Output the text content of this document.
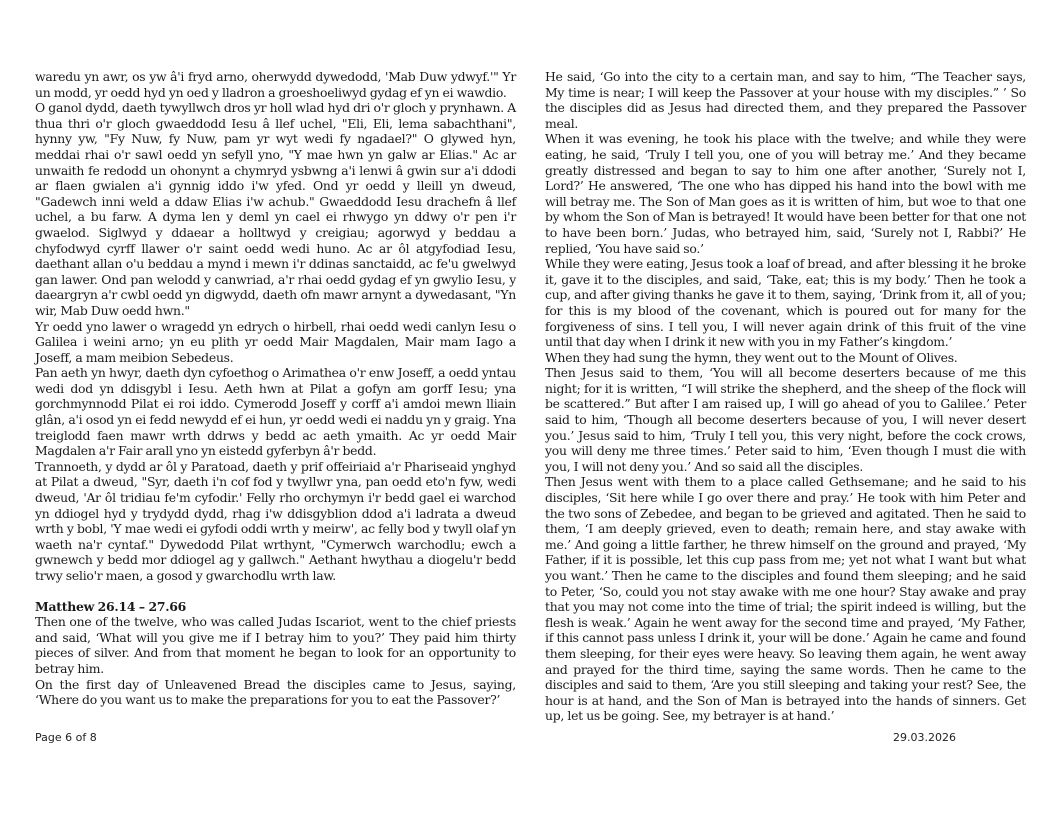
waredu yn awr, os yw â'i fryd arno, oherwydd dywedodd, 'Mab Duw ydwyf.'" Yr un modd, yr oedd hyd yn oed y lladron a groeshoeliwyd gydag ef yn ei wawdio.

O ganol dydd, daeth tywyllwch dros yr holl wlad hyd dri o'r gloch y prynhawn. A thua thri o'r gloch gwaeddodd Iesu â llef uchel, "Eli, Eli, lema sabachthani", hynny yw, "Fy Nuw, fy Nuw, pam yr wyt wedi fy ngadael?" O glywed hyn, meddai rhai o'r sawl oedd yn sefyll yno, "Y mae hwn yn galw ar Elias." Ac ar unwaith fe redodd un ohonynt a chymryd ysbwng a'i lenwi â gwin sur a'i ddodi ar flaen gwialen a'i gynnig iddo i'w yfed. Ond yr oedd y lleill yn dweud, "Gadewch inni weld a ddaw Elias i'w achub." Gwaeddodd Iesu drachefn â llef uchel, a bu farw. A dyma len y deml yn cael ei rhwygo yn ddwy o'r pen i'r gwaelod. Siglwyd y ddaear a holltwyd y creigiau; agorwyd y beddau a chyfodwyd cyrff llawer o'r saint oedd wedi huno. Ac ar ôl atgyfodiad Iesu, daethant allan o'u beddau a mynd i mewn i'r ddinas sanctaidd, ac fe'u gwelwyd gan lawer. Ond pan welodd y canwriad, a'r rhai oedd gydag ef yn gwylio Iesu, y daeargryn a'r cwbl oedd yn digwydd, daeth ofn mawr arnynt a dywedasant, "Yn wir, Mab Duw oedd hwn."

Yr oedd yno lawer o wragedd yn edrych o hirbell, rhai oedd wedi canlyn Iesu o Galilea i weini arno; yn eu plith yr oedd Mair Magdalen, Mair mam Iago a Joseff, a mam meibion Sebedeus.

Pan aeth yn hwyr, daeth dyn cyfoethog o Arimathea o'r enw Joseff, a oedd yntau wedi dod yn ddisgybl i Iesu. Aeth hwn at Pilat a gofyn am gorff Iesu; yna gorchmynnodd Pilat ei roi iddo. Cymerodd Joseff y corff a'i amdoi mewn lliain glân, a'i osod yn ei fedd newydd ef ei hun, yr oedd wedi ei naddu yn y graig. Yna treiglodd faen mawr wrth ddrws y bedd ac aeth ymaith. Ac yr oedd Mair Magdalen a'r Fair arall yno yn eistedd gyferbyn â'r bedd.

Trannoeth, y dydd ar ôl y Paratoad, daeth y prif offeiriaid a'r Phariseaid ynghyd at Pilat a dweud, "Syr, daeth i'n cof fod y twyllwr yna, pan oedd eto'n fyw, wedi dweud, 'Ar ôl tridiau fe'm cyfodir.' Felly rho orchymyn i'r bedd gael ei warchod yn ddiogel hyd y trydydd dydd, rhag i'w ddisgyblion ddod a'i ladrata a dweud wrth y bobl, 'Y mae wedi ei gyfodi oddi wrth y meirw', ac felly bod y twyll olaf yn waeth na'r cyntaf." Dywedodd Pilat wrthynt, "Cymerwch warchodlu; ewch a gwnewch y bedd mor ddiogel ag y gallwch." Aethant hwythau a diogelu'r bedd trwy selio'r maen, a gosod y gwarchodlu wrth law.

Matthew 26.14 – 27.66

Then one of the twelve, who was called Judas Iscariot, went to the chief priests and said, ‘What will you give me if I betray him to you?’ They paid him thirty pieces of silver. And from that moment he began to look for an opportunity to betray him.

On the first day of Unleavened Bread the disciples came to Jesus, saying, ‘Where do you want us to make the preparations for you to eat the Passover?’

He said, ‘Go into the city to a certain man, and say to him, “The Teacher says, My time is near; I will keep the Passover at your house with my disciples.” ’ So the disciples did as Jesus had directed them, and they prepared the Passover meal.

When it was evening, he took his place with the twelve; and while they were eating, he said, ‘Truly I tell you, one of you will betray me.’ And they became greatly distressed and began to say to him one after another, ‘Surely not I, Lord?’ He answered, ‘The one who has dipped his hand into the bowl with me will betray me. The Son of Man goes as it is written of him, but woe to that one by whom the Son of Man is betrayed! It would have been better for that one not to have been born.’ Judas, who betrayed him, said, ‘Surely not I, Rabbi?’ He replied, ‘You have said so.’

While they were eating, Jesus took a loaf of bread, and after blessing it he broke it, gave it to the disciples, and said, ‘Take, eat; this is my body.’ Then he took a cup, and after giving thanks he gave it to them, saying, ‘Drink from it, all of you; for this is my blood of the covenant, which is poured out for many for the forgiveness of sins. I tell you, I will never again drink of this fruit of the vine until that day when I drink it new with you in my Father’s kingdom.’

When they had sung the hymn, they went out to the Mount of Olives.

Then Jesus said to them, ‘You will all become deserters because of me this night; for it is written, “I will strike the shepherd, and the sheep of the flock will be scattered.” But after I am raised up, I will go ahead of you to Galilee.’ Peter said to him, ‘Though all become deserters because of you, I will never desert you.’ Jesus said to him, ‘Truly I tell you, this very night, before the cock crows, you will deny me three times.’ Peter said to him, ‘Even though I must die with you, I will not deny you.’ And so said all the disciples.

Then Jesus went with them to a place called Gethsemane; and he said to his disciples, ‘Sit here while I go over there and pray.’ He took with him Peter and the two sons of Zebedee, and began to be grieved and agitated. Then he said to them, ‘I am deeply grieved, even to death; remain here, and stay awake with me.’ And going a little farther, he threw himself on the ground and prayed, ‘My Father, if it is possible, let this cup pass from me; yet not what I want but what you want.’ Then he came to the disciples and found them sleeping; and he said to Peter, ‘So, could you not stay awake with me one hour? Stay awake and pray that you may not come into the time of trial; the spirit indeed is willing, but the flesh is weak.’ Again he went away for the second time and prayed, ‘My Father, if this cannot pass unless I drink it, your will be done.’ Again he came and found them sleeping, for their eyes were heavy. So leaving them again, he went away and prayed for the third time, saying the same words. Then he came to the disciples and said to them, ‘Are you still sleeping and taking your rest? See, the hour is at hand, and the Son of Man is betrayed into the hands of sinners. Get up, let us be going. See, my betrayer is at hand.’

Page 6 of 8	29.03.2026
